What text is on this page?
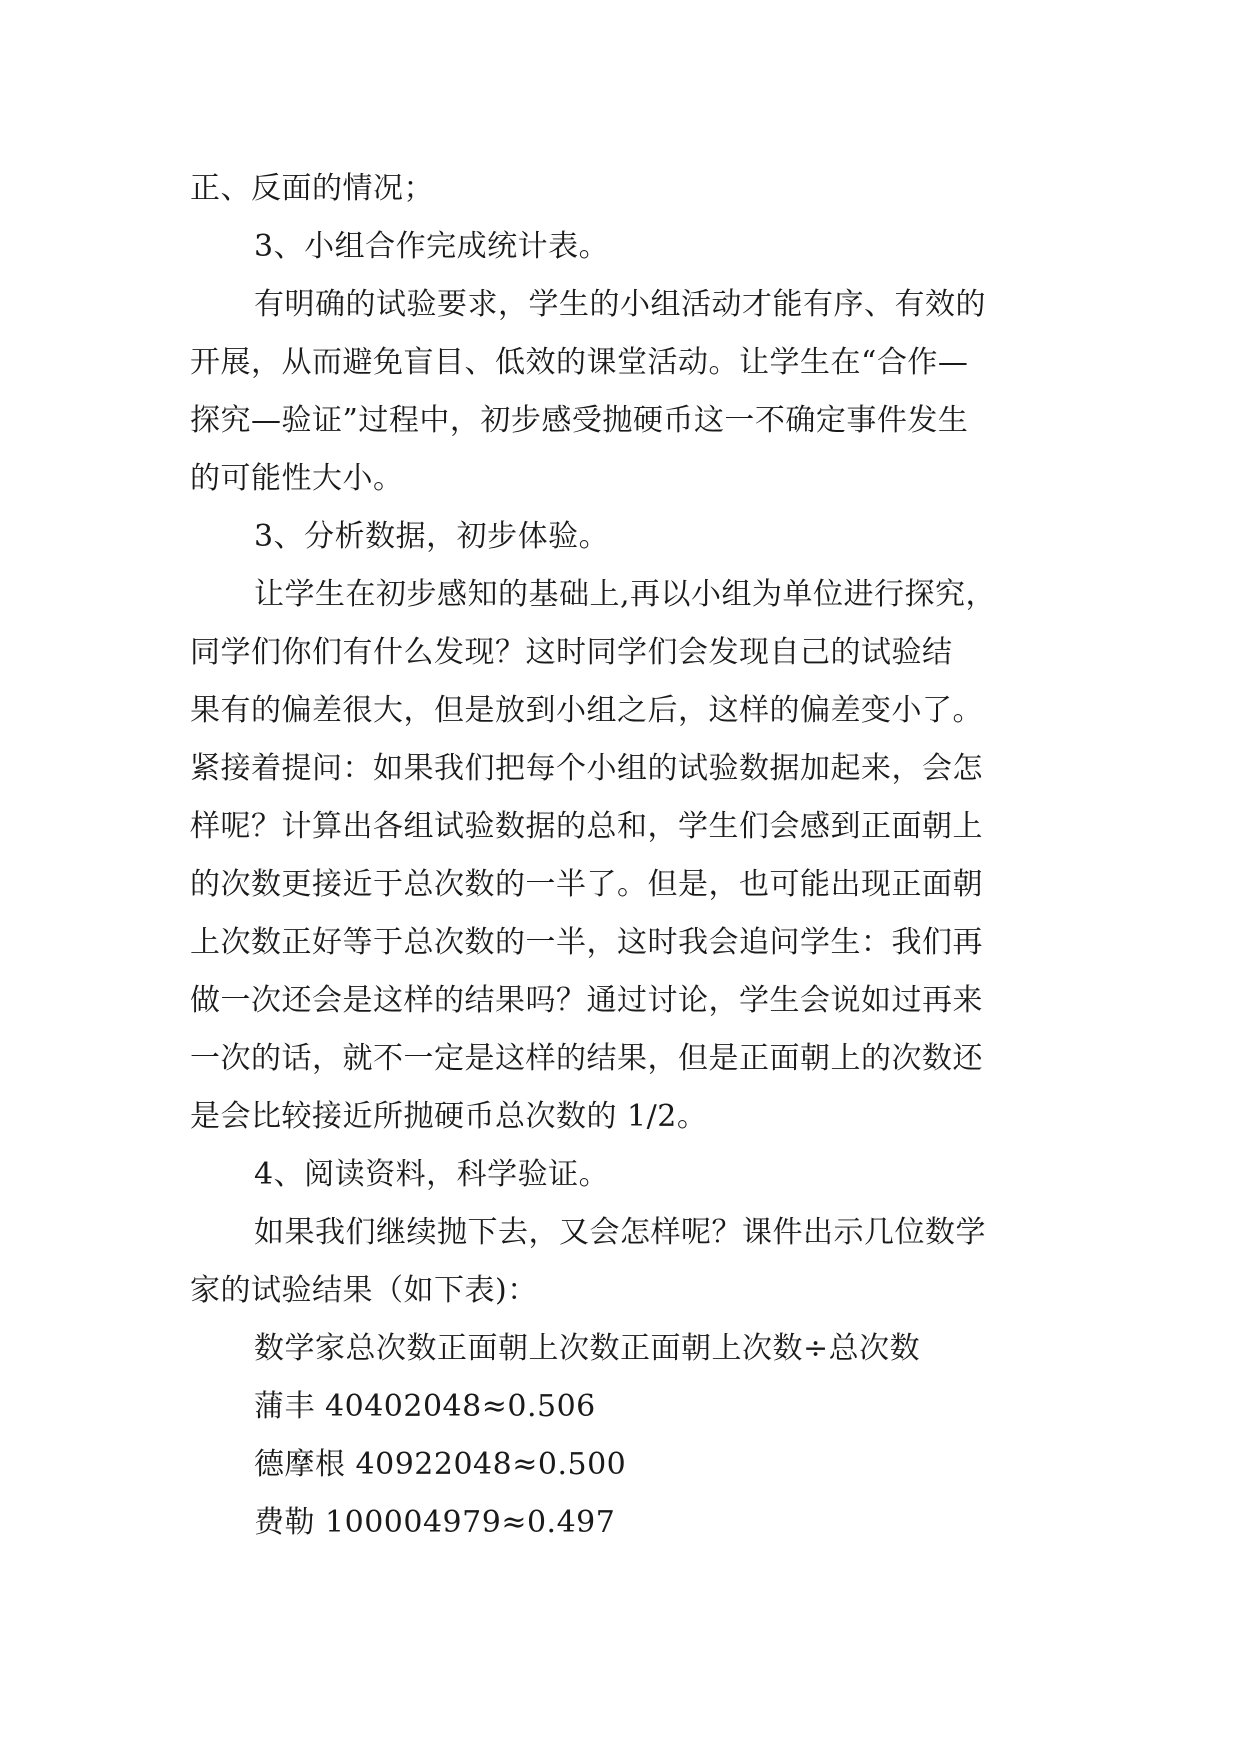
正、反面的情况；
3、小组合作完成统计表。
有明确的试验要求，学生的小组活动才能有序、有效的
开展，从而避免盲目、低效的课堂活动。让学生在“合作—
探究—验证”过程中，初步感受抛硬币这一不确定事件发生
的可能性大小。
3、分析数据，初步体验。
让学生在初步感知的基础上,再以小组为单位进行探究，
同学们你们有什么发现？这时同学们会发现自己的试验结
果有的偏差很大，但是放到小组之后，这样的偏差变小了。
紧接着提问：如果我们把每个小组的试验数据加起来，会怎
样呢？计算出各组试验数据的总和，学生们会感到正面朝上
的次数更接近于总次数的一半了。但是，也可能出现正面朝
上次数正好等于总次数的一半，这时我会追问学生：我们再
做一次还会是这样的结果吗？通过讨论，学生会说如过再来
一次的话，就不一定是这样的结果，但是正面朝上的次数还
是会比较接近所抛硬币总次数的 1/2。
4、阅读资料，科学验证。
如果我们继续抛下去，又会怎样呢？课件出示几位数学
家的试验结果（如下表)：
数学家总次数正面朝上次数正面朝上次数÷总次数
蒲丰 40402048≈0.506
德摩根 40922048≈0.500
费勒 100004979≈0.497
